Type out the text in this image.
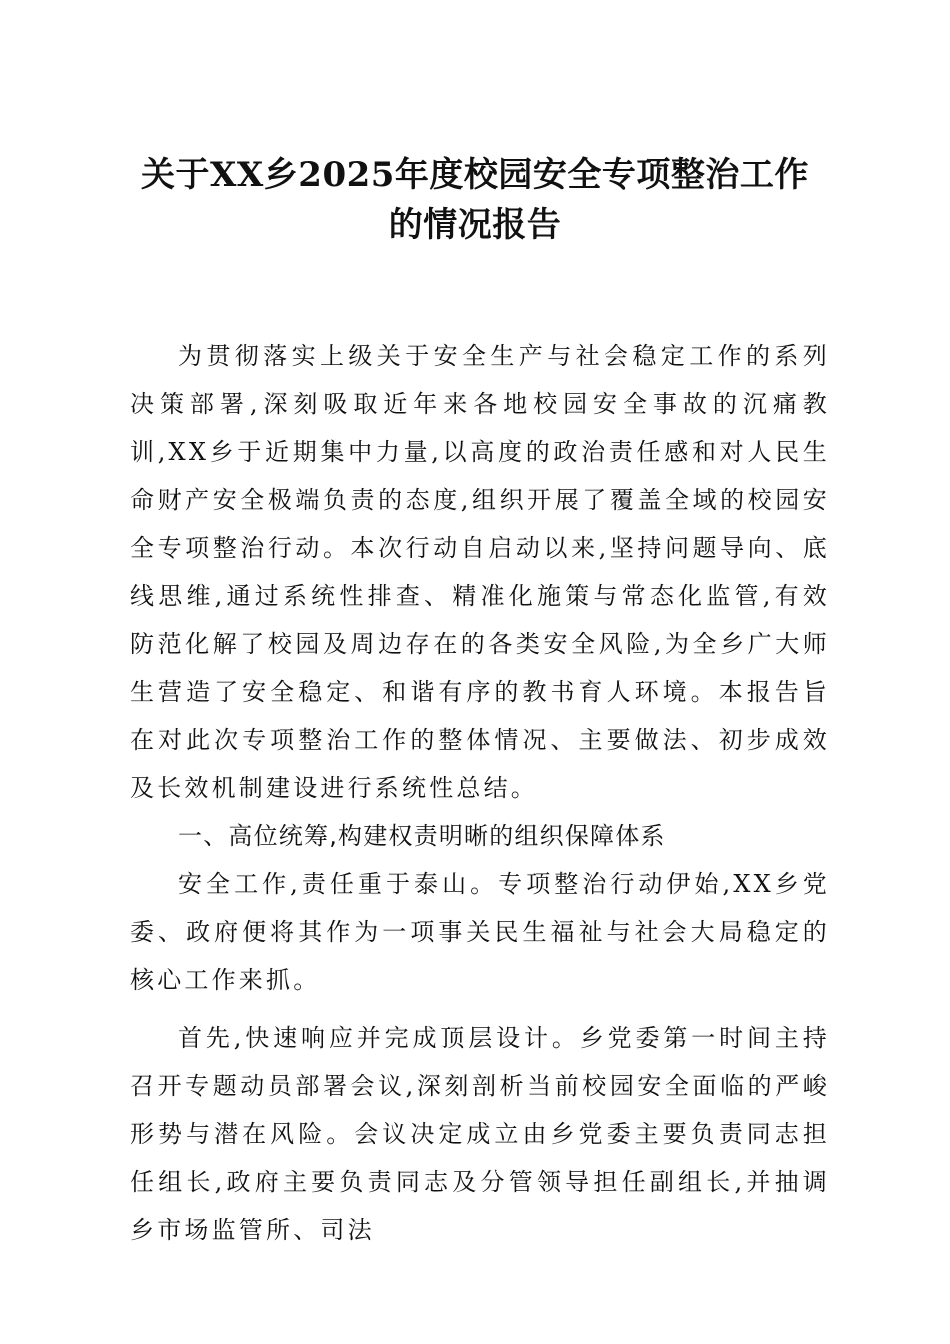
关于XX乡2025年度校园安全专项整治工作
的情况报告

为贯彻落实上级关于安全生产与社会稳定工作的系列决策部署,深刻吸取近年来各地校园安全事故的沉痛教训,XX乡于近期集中力量,以高度的政治责任感和对人民生命财产安全极端负责的态度,组织开展了覆盖全域的校园安全专项整治行动。本次行动自启动以来,坚持问题导向、底线思维,通过系统性排查、精准化施策与常态化监管,有效防范化解了校园及周边存在的各类安全风险,为全乡广大师生营造了安全稳定、和谐有序的教书育人环境。本报告旨在对此次专项整治工作的整体情况、主要做法、初步成效及长效机制建设进行系统性总结。

一、高位统筹,构建权责明晰的组织保障体系

安全工作,责任重于泰山。专项整治行动伊始,XX乡党委、政府便将其作为一项事关民生福祉与社会大局稳定的核心工作来抓。

首先,快速响应并完成顶层设计。乡党委第一时间主持召开专题动员部署会议,深刻剖析当前校园安全面临的严峻形势与潜在风险。会议决定成立由乡党委主要负责同志担任组长,政府主要负责同志及分管领导担任副组长,并抽调乡市场监管所、司法
